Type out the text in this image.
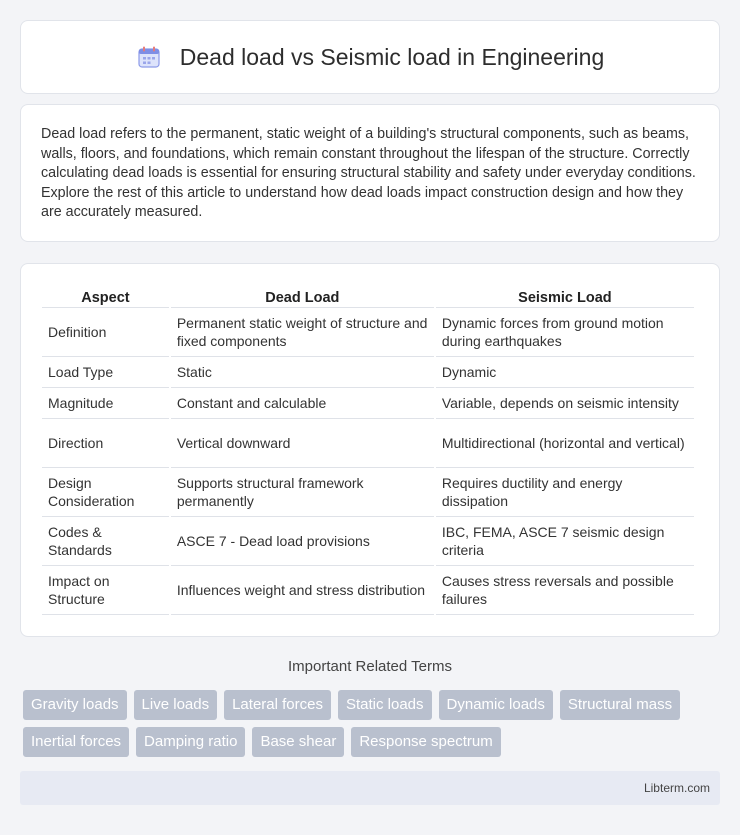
Dead load vs Seismic load in Engineering

Dead load refers to the permanent, static weight of a building's structural components, such as beams, walls, floors, and foundations, which remain constant throughout the lifespan of the structure. Correctly calculating dead loads is essential for ensuring structural stability and safety under everyday conditions. Explore the rest of this article to understand how dead loads impact construction design and how they are accurately measured.

Aspect	Dead Load	Seismic Load
Definition	Permanent static weight of structure and fixed components	Dynamic forces from ground motion during earthquakes
Load Type	Static	Dynamic
Magnitude	Constant and calculable	Variable, depends on seismic intensity
Direction	Vertical downward	Multidirectional (horizontal and vertical)
Design Consideration	Supports structural framework permanently	Requires ductility and energy dissipation
Codes & Standards	ASCE 7 - Dead load provisions	IBC, FEMA, ASCE 7 seismic design criteria
Impact on Structure	Influences weight and stress distribution	Causes stress reversals and possible failures
Important Related Terms
Gravity loads	Live loads	Lateral forces	Static loads	Dynamic loads	Structural mass
Inertial forces	Damping ratio	Base shear	Response spectrum
Libterm.com
